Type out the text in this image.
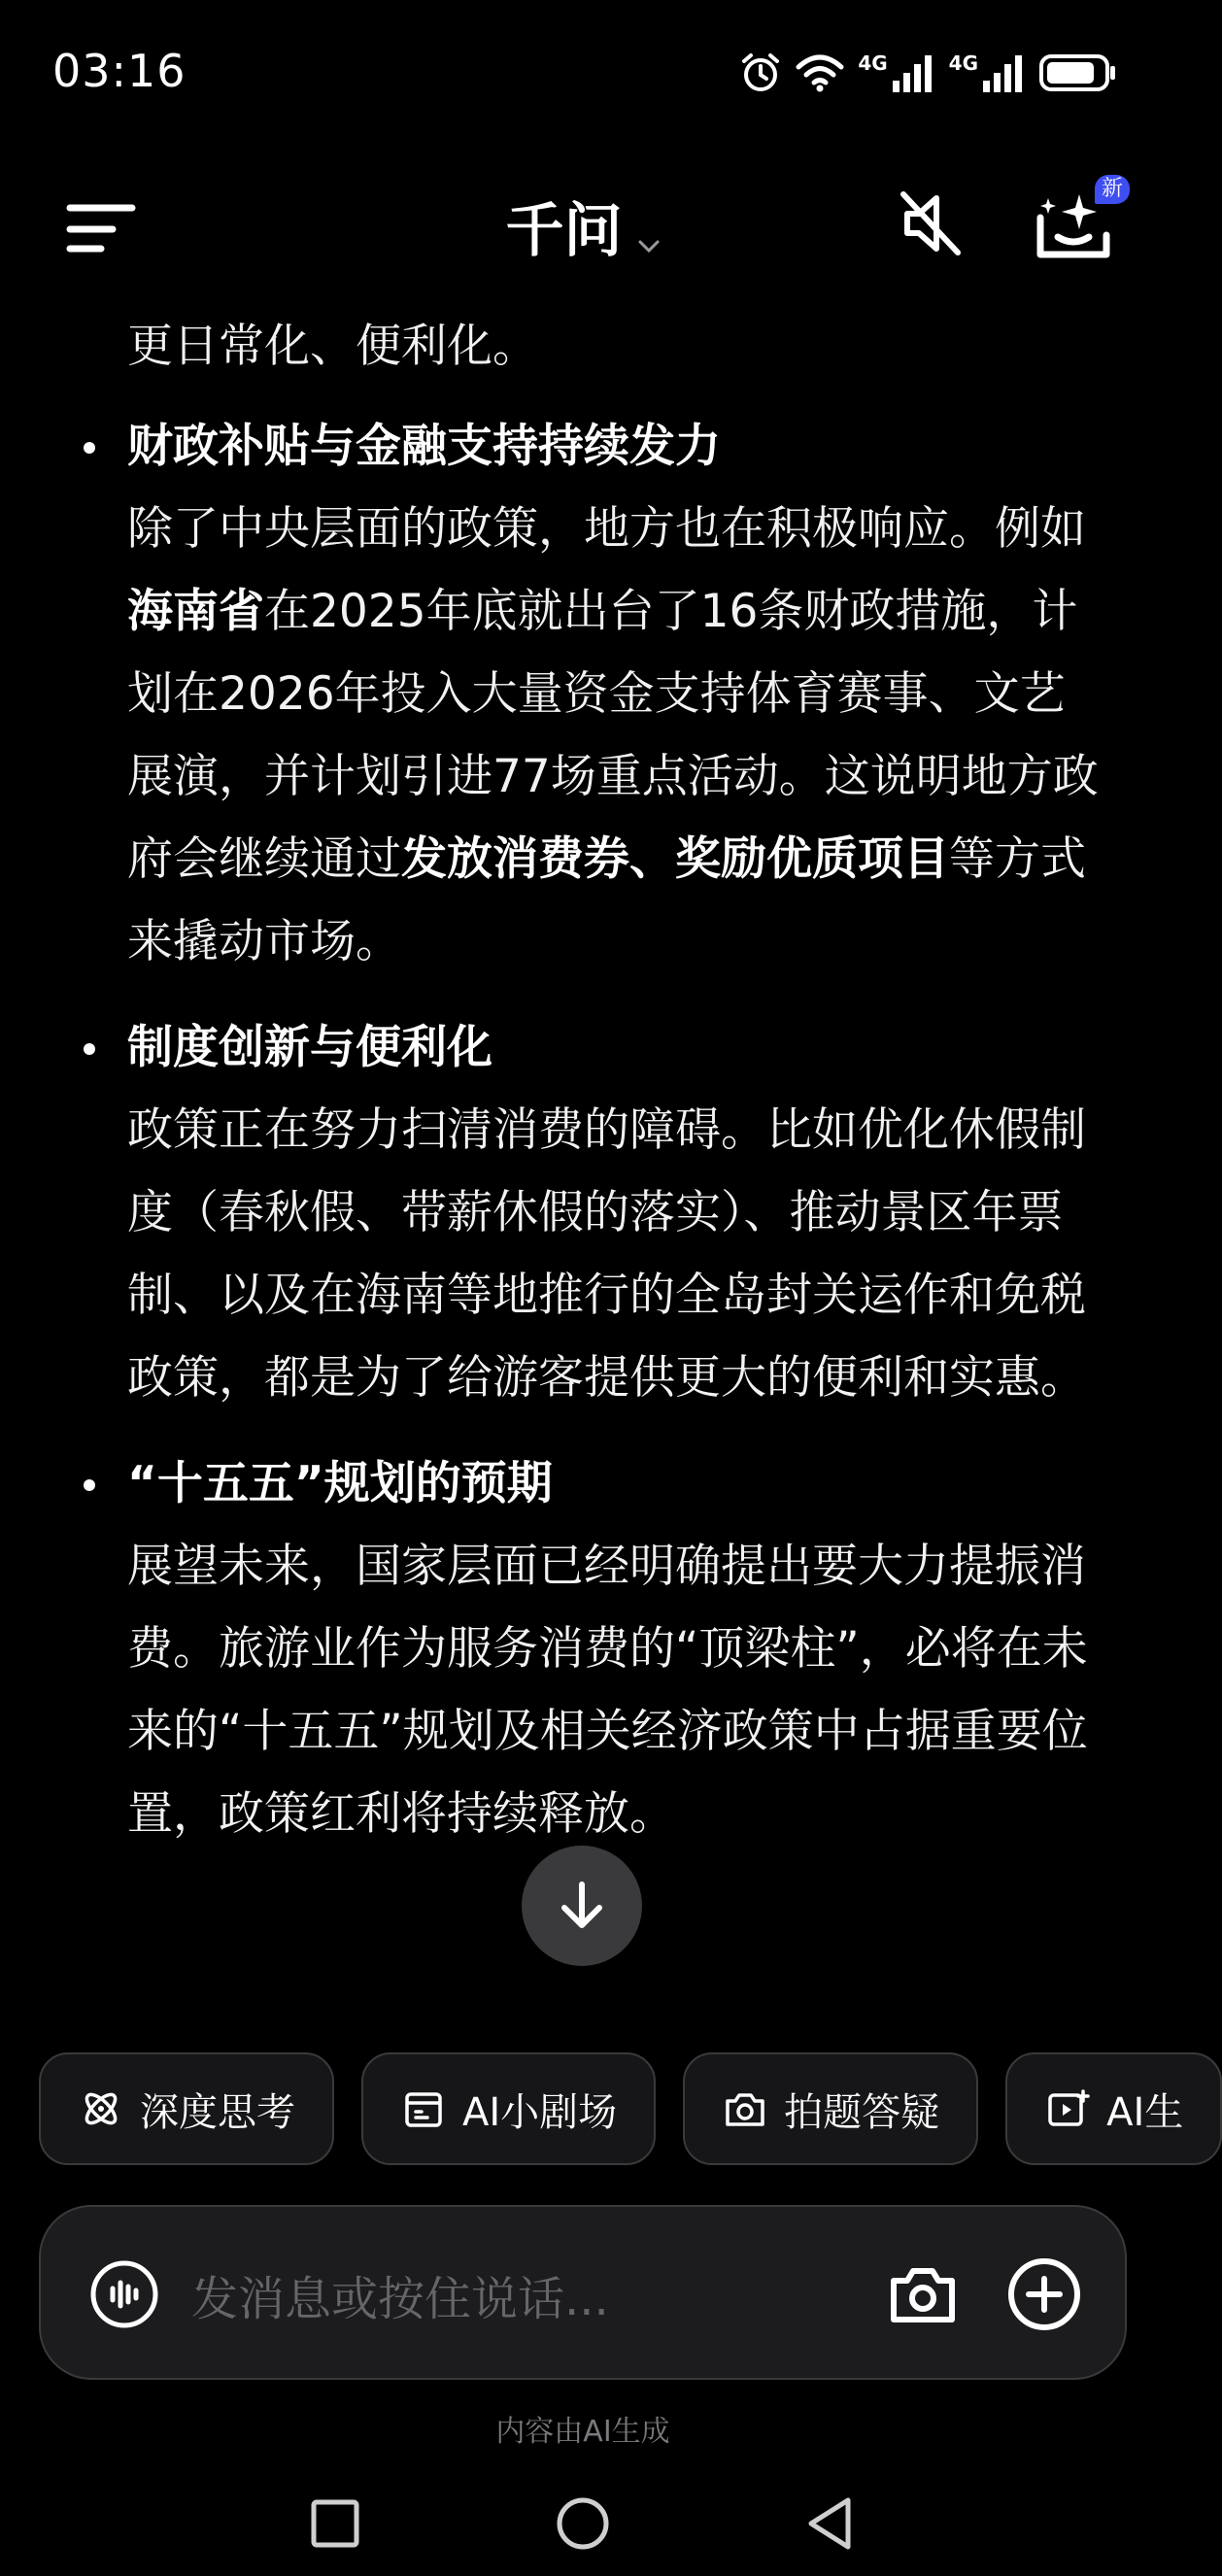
03:16	4G	4G
千问
新

更日常化、便利化。

财政补贴与金融支持持续发力
除了中央层面的政策，地方也在积极响应。例如海南省在2025年底就出台了16条财政措施，计划在2026年投入大量资金支持体育赛事、文艺展演，并计划引进77场重点活动。这说明地方政府会继续通过发放消费券、奖励优质项目等方式来撬动市场。
制度创新与便利化
政策正在努力扫清消费的障碍。比如优化休假制度（春秋假、带薪休假的落实）、推动景区年票制、以及在海南等地推行的全岛封关运作和免税政策，都是为了给游客提供更大的便利和实惠。
“十五五”规划的预期
展望未来，国家层面已经明确提出要大力提振消费。旅游业作为服务消费的“顶梁柱”，必将在未来的“十五五”规划及相关经济政策中占据重要位置，政策红利将持续释放。
深度思考	AI小剧场	拍题答疑	AI生
发消息或按住说话...
内容由AI生成
